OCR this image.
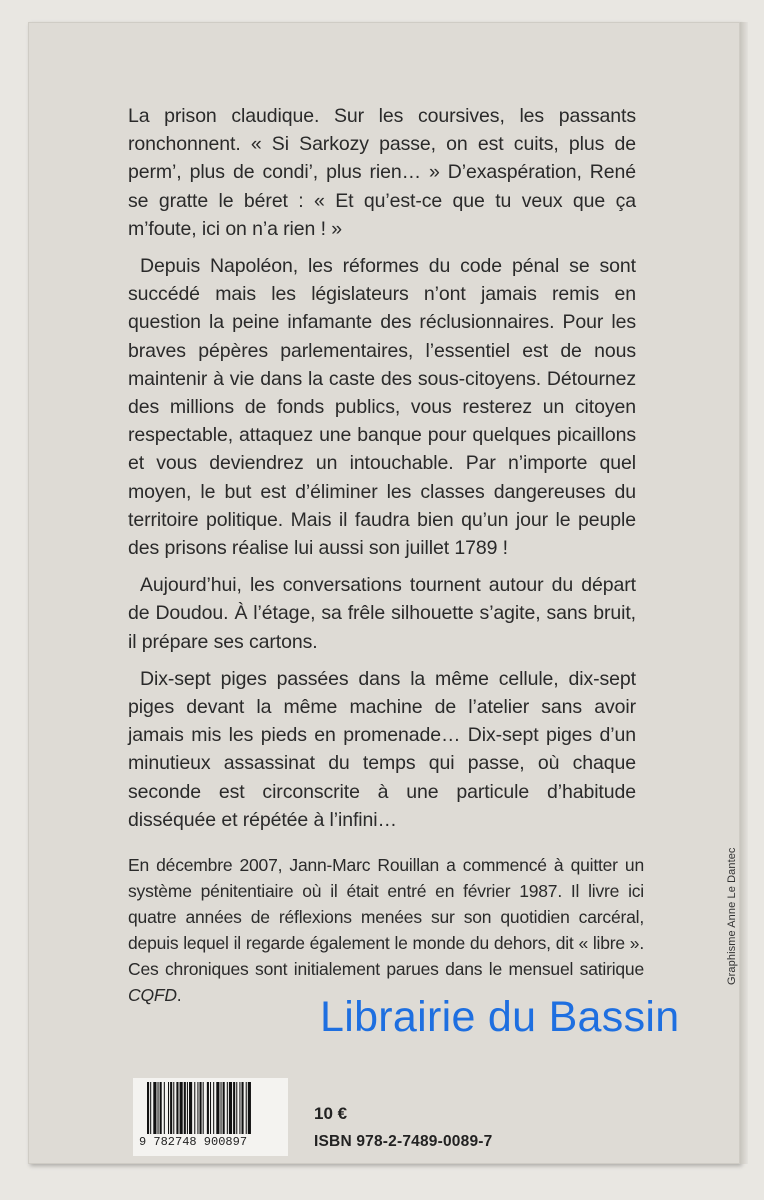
La prison claudique. Sur les coursives, les passants ronchonnent. « Si Sarkozy passe, on est cuits, plus de perm’, plus de condi’, plus rien… » D’exaspération, René se gratte le béret : « Et qu’est-ce que tu veux que ça m’foute, ici on n’a rien ! »

Depuis Napoléon, les réformes du code pénal se sont succédé mais les législateurs n’ont jamais remis en question la peine infamante des réclusionnaires. Pour les braves pépères parlementaires, l’essentiel est de nous maintenir à vie dans la caste des sous-citoyens. Détournez des millions de fonds publics, vous resterez un citoyen respectable, attaquez une banque pour quelques picaillons et vous deviendrez un intouchable. Par n’importe quel moyen, le but est d’éliminer les classes dangereuses du territoire politique. Mais il faudra bien qu’un jour le peuple des prisons réalise lui aussi son juillet 1789 !

Aujourd’hui, les conversations tournent autour du départ de Doudou. À l’étage, sa frêle silhouette s’agite, sans bruit, il prépare ses cartons.

Dix-sept piges passées dans la même cellule, dix-sept piges devant la même machine de l’atelier sans avoir jamais mis les pieds en promenade… Dix-sept piges d’un minutieux assassinat du temps qui passe, où chaque seconde est circonscrite à une particule d’habitude disséquée et répétée à l’infini…

En décembre 2007, Jann-Marc Rouillan a commencé à quitter un système pénitentiaire où il était entré en février 1987. Il livre ici quatre années de réflexions menées sur son quotidien carcéral, depuis lequel il regarde également le monde du dehors, dit « libre ». Ces chroniques sont initialement parues dans le mensuel satirique CQFD.

Graphisme Anne Le Dantec
Librairie du Bassin
9 782748 900897
10 €
ISBN 978-2-7489-0089-7
